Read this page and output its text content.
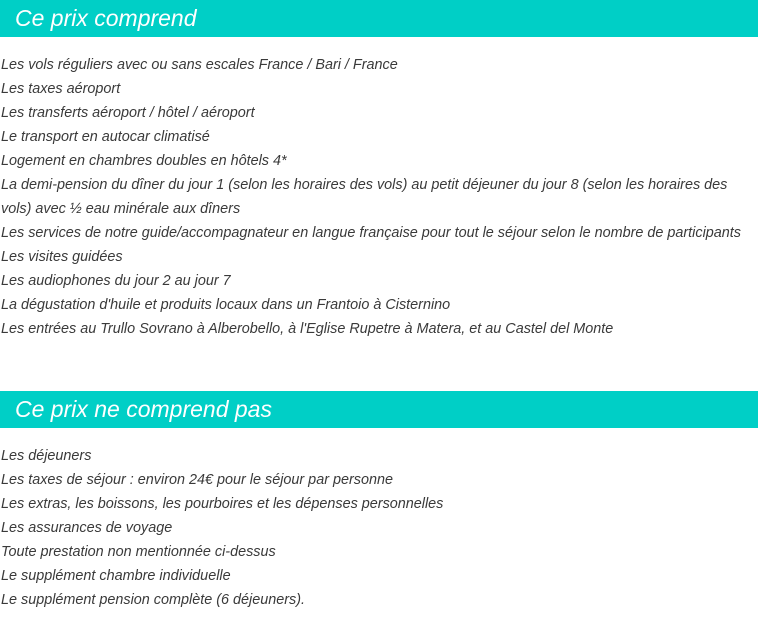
Ce prix comprend
Les vols réguliers avec ou sans escales France / Bari / France
Les taxes aéroport
Les transferts aéroport / hôtel / aéroport
Le transport en autocar climatisé
Logement en chambres doubles en hôtels 4*
La demi-pension du dîner du jour 1 (selon les horaires des vols) au petit déjeuner du jour 8 (selon les horaires des vols) avec ½ eau minérale aux dîners
Les services de notre guide/accompagnateur en langue française pour tout le séjour selon le nombre de participants
Les visites guidées
Les audiophones du jour 2 au jour 7
La dégustation d'huile et produits locaux dans un Frantoio à Cisternino
Les entrées au Trullo Sovrano à Alberobello, à l'Eglise Rupetre à Matera, et au Castel del Monte
Ce prix ne comprend pas
Les déjeuners
Les taxes de séjour : environ 24€ pour le séjour par personne
Les extras, les boissons, les pourboires et les dépenses personnelles
Les assurances de voyage
Toute prestation non mentionnée ci-dessus
Le supplément chambre individuelle
Le supplément pension complète (6 déjeuners).
